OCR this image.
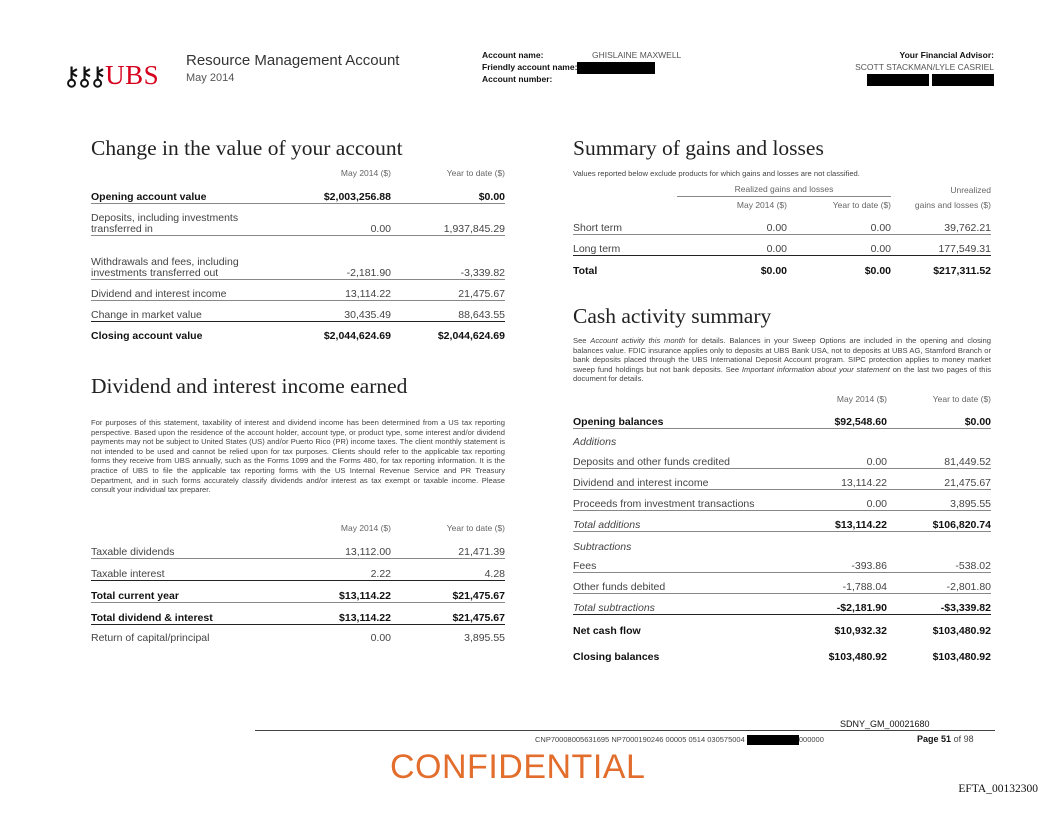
⚷⚷⚷ UBS Resource Management Account
May 2014
Account name:	GHISLAINE MAXWELL
Friendly account name:
Account number:
Your Financial Advisor:
SCOTT STACKMAN/LYLE CASRIEL
Change in the value of your account
	May 2014 ($)	Year to date ($)
Opening account value	$2,003,256.88	$0.00
Deposits, including investments transferred in	0.00	1,937,845.29
Withdrawals and fees, including investments transferred out	-2,181.90	-3,339.82
Dividend and interest income	13,114.22	21,475.67
Change in market value	30,435.49	88,643.55
Closing account value	$2,044,624.69	$2,044,624.69
Dividend and interest income earned
For purposes of this statement, taxability of interest and dividend income has been determined from a US tax reporting perspective. Based upon the residence of the account holder, account type, or product type, some interest and/or dividend payments may not be subject to United States (US) and/or Puerto Rico (PR) income taxes. The client monthly statement is not intended to be used and cannot be relied upon for tax purposes. Clients should refer to the applicable tax reporting forms they receive from UBS annually, such as the Forms 1099 and the Forms 480, for tax reporting information. It is the practice of UBS to file the applicable tax reporting forms with the US Internal Revenue Service and PR Treasury Department, and in such forms accurately classify dividends and/or interest as tax exempt or taxable income. Please consult your individual tax preparer.
	May 2014 ($)	Year to date ($)
Taxable dividends	13,112.00	21,471.39
Taxable interest	2.22	4.28
Total current year	$13,114.22	$21,475.67
Total dividend & interest	$13,114.22	$21,475.67
Return of capital/principal	0.00	3,895.55
Summary of gains and losses
Values reported below exclude products for which gains and losses are not classified.
	Realized gains and losses		Unrealized
	May 2014 ($)	Year to date ($)	gains and losses ($)
Short term	0.00	0.00	39,762.21
Long term	0.00	0.00	177,549.31
Total	$0.00	$0.00	$217,311.52
Cash activity summary
See Account activity this month for details. Balances in your Sweep Options are included in the opening and closing balances value. FDIC insurance applies only to deposits at UBS Bank USA, not to deposits at UBS AG, Stamford Branch or bank deposits placed through the UBS International Deposit Account program. SIPC protection applies to money market sweep fund holdings but not bank deposits. See Important information about your statement on the last two pages of this document for details.
	May 2014 ($)	Year to date ($)
Opening balances	$92,548.60	$0.00
Additions		
Deposits and other funds credited	0.00	81,449.52
Dividend and interest income	13,114.22	21,475.67
Proceeds from investment transactions	0.00	3,895.55
Total additions	$13,114.22	$106,820.74
Subtractions		
Fees	-393.86	-538.02
Other funds debited	-1,788.04	-2,801.80
Total subtractions	-$2,181.90	-$3,339.82
Net cash flow	$10,932.32	$103,480.92
Closing balances	$103,480.92	$103,480.92
SDNY_GM_00021680
CNP70008005631695 NP7000190246 00005 0514 030575004	000000	Page 51 of 98
CONFIDENTIAL
EFTA_00132300
